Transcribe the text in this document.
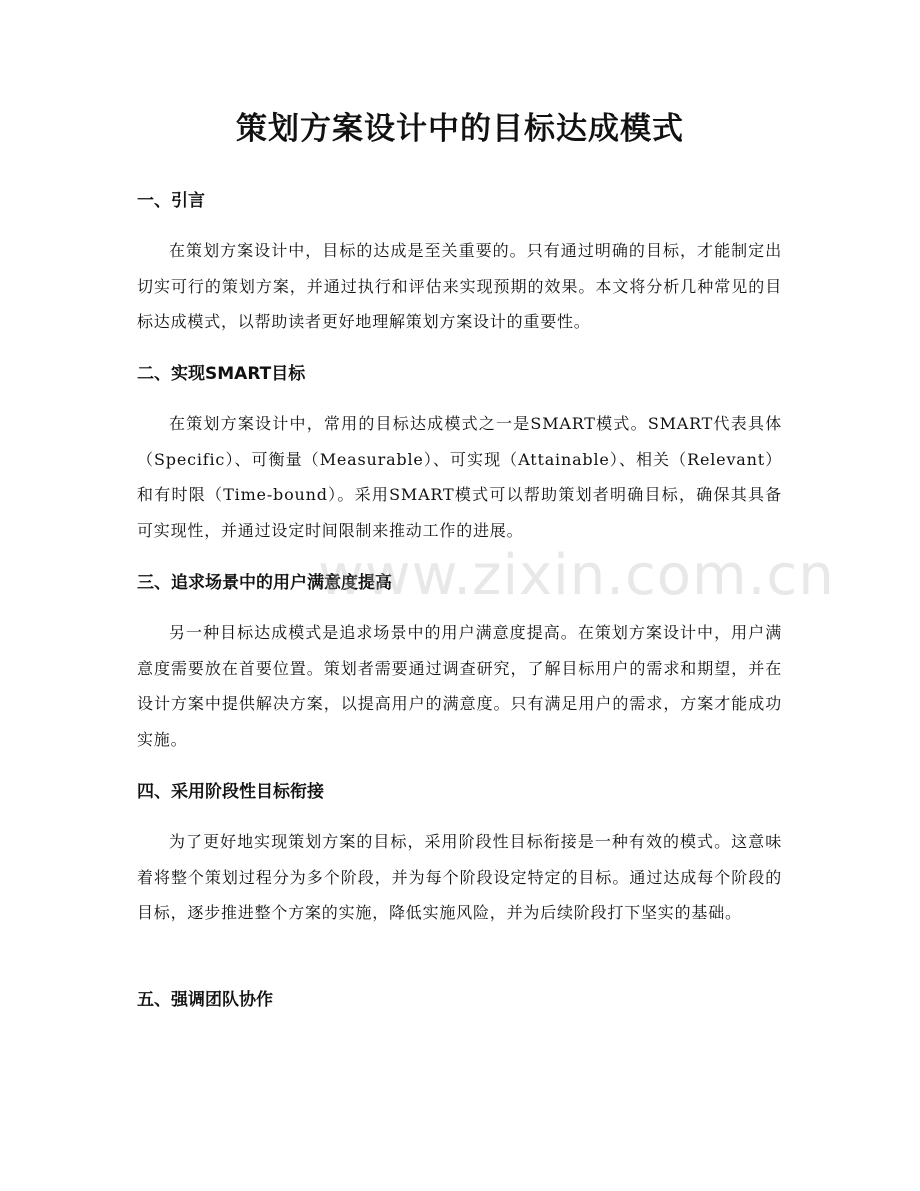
策划方案设计中的目标达成模式
一、引言

在策划方案设计中，目标的达成是至关重要的。只有通过明确的目标，才能制定出切实可行的策划方案，并通过执行和评估来实现预期的效果。本文将分析几种常见的目标达成模式，以帮助读者更好地理解策划方案设计的重要性。

二、实现SMART目标

在策划方案设计中，常用的目标达成模式之一是SMART模式。SMART代表具体（Specific）、可衡量（Measurable）、可实现（Attainable）、相关（Relevant）和有时限（Time-bound）。采用SMART模式可以帮助策划者明确目标，确保其具备可实现性，并通过设定时间限制来推动工作的进展。

三、追求场景中的用户满意度提高

另一种目标达成模式是追求场景中的用户满意度提高。在策划方案设计中，用户满意度需要放在首要位置。策划者需要通过调查研究，了解目标用户的需求和期望，并在设计方案中提供解决方案，以提高用户的满意度。只有满足用户的需求，方案才能成功实施。

四、采用阶段性目标衔接

为了更好地实现策划方案的目标，采用阶段性目标衔接是一种有效的模式。这意味着将整个策划过程分为多个阶段，并为每个阶段设定特定的目标。通过达成每个阶段的目标，逐步推进整个方案的实施，降低实施风险，并为后续阶段打下坚实的基础。

五、强调团队协作
www.zixin.com.cn
